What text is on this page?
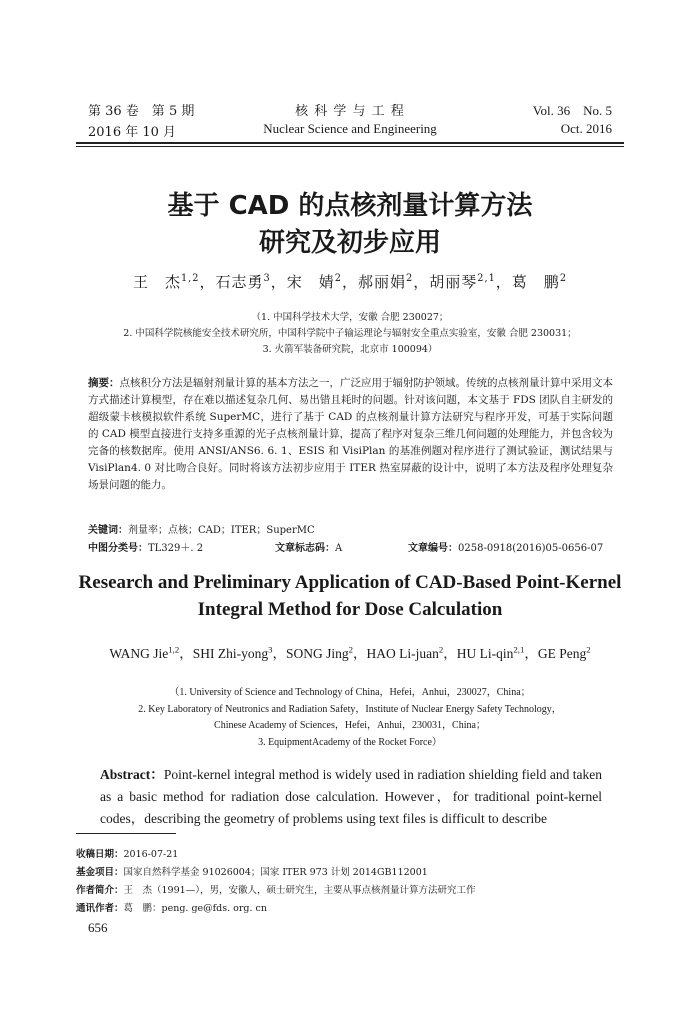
第 36 卷　第 5 期
2016 年 10 月
核 科 学 与 工 程
Nuclear Science and Engineering
Vol. 36　No. 5
Oct. 2016
基于 CAD 的点核剂量计算方法
研究及初步应用
王　杰$^{1,2}$，石志勇$^3$，宋　婧$^2$，郝丽娟$^2$，胡丽琴$^{2,1}$，葛　鹏$^2$
（1. 中国科学技术大学，安徽 合肥 230027；
2. 中国科学院核能安全技术研究所，中国科学院中子输运理论与辐射安全重点实验室，安徽 合肥 230031；
3. 火箭军装备研究院，北京市 100094）
摘要：点核积分方法是辐射剂量计算的基本方法之一，广泛应用于辐射防护领域。传统的点核剂量计算中采用文本方式描述计算模型，存在难以描述复杂几何、易出错且耗时的问题。针对该问题，本文基于 FDS 团队自主研发的超级蒙卡核模拟软件系统 SuperMC，进行了基于 CAD 的点核剂量计算方法研究与程序开发，可基于实际问题的 CAD 模型直接进行支持多重源的光子点核剂量计算，提高了程序对复杂三维几何问题的处理能力，并包含较为完备的核数据库。使用 ANSI/ANS6. 6. 1、ESIS 和 VisiPlan 的基准例题对程序进行了测试验证，测试结果与 VisiPlan4. 0 对比吻合良好。同时将该方法初步应用于 ITER 热室屏蔽的设计中，说明了本方法及程序处理复杂场景问题的能力。
关键词：剂量率；点核；CAD；ITER；SuperMC
中图分类号：TL329＋. 2	文章标志码：A	文章编号：0258-0918(2016)05-0656-07
Research and Preliminary Application of CAD-Based Point-Kernel
Integral Method for Dose Calculation
WANG Jie$^{1,2}$，SHI Zhi-yong$^3$，SONG Jing$^2$，HAO Li-juan$^2$，HU Li-qin$^{2,1}$，GE Peng$^2$
（1. University of Science and Technology of China，Hefei，Anhui，230027，China；
2. Key Laboratory of Neutronics and Radiation Safety，Institute of Nuclear Energy Safety Technology，
Chinese Academy of Sciences，Hefei，Anhui，230031，China；
3. EquipmentAcademy of the Rocket Force）
Abstract：Point-kernel integral method is widely used in radiation shielding field and taken as a basic method for radiation dose calculation. However，for traditional point-kernel codes，describing the geometry of problems using text files is difficult to describe
收稿日期：2016-07-21
基金项目：国家自然科学基金 91026004；国家 ITER 973 计划 2014GB112001
作者简介：王　杰（1991—），男，安徽人，硕士研究生，主要从事点核剂量计算方法研究工作
通讯作者：葛　鹏：peng. ge@fds. org. cn
656
